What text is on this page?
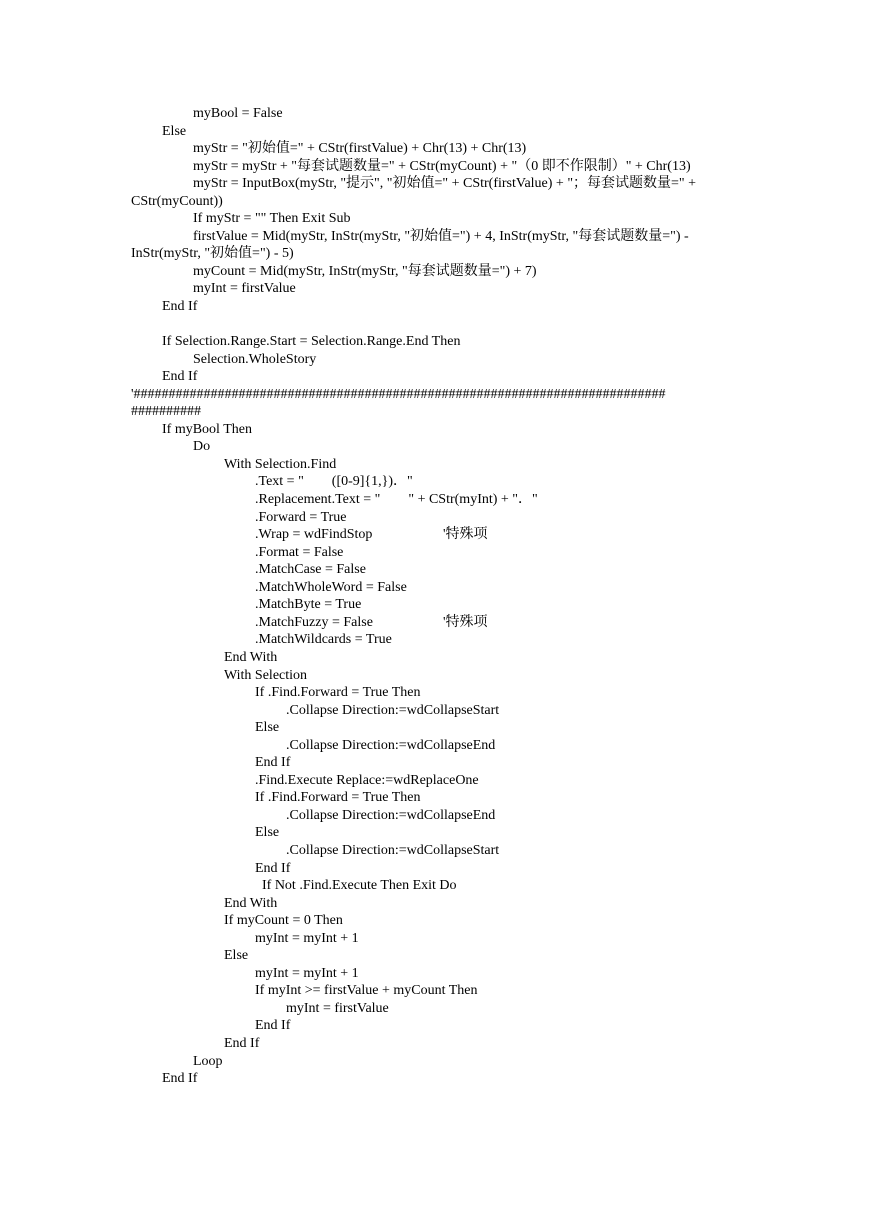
myBool = False
Else
myStr = "初始值=" + CStr(firstValue) + Chr(13) + Chr(13)
myStr = myStr + "每套试题数量=" + CStr(myCount) + "（0 即不作限制）" + Chr(13)
myStr = InputBox(myStr, "提示", "初始值=" + CStr(firstValue) + "；每套试题数量=" +
CStr(myCount))
If myStr = "" Then Exit Sub
firstValue = Mid(myStr, InStr(myStr, "初始值=") + 4, InStr(myStr, "每套试题数量=") -
InStr(myStr, "初始值=") - 5)
myCount = Mid(myStr, InStr(myStr, "每套试题数量=") + 7)
myInt = firstValue
End If
If Selection.Range.Start = Selection.Range.End Then
Selection.WholeStory
End If
'############################################################################
##########
If myBool Then
Do
With Selection.Find
.Text = "　　([0-9]{1,})．"
.Replacement.Text = "　　" + CStr(myInt) + "．"
.Forward = True
.Wrap = wdFindStop	'特殊项
.Format = False
.MatchCase = False
.MatchWholeWord = False
.MatchByte = True
.MatchFuzzy = False	'特殊项
.MatchWildcards = True
End With
With Selection
If .Find.Forward = True Then
.Collapse Direction:=wdCollapseStart
Else
.Collapse Direction:=wdCollapseEnd
End If
.Find.Execute Replace:=wdReplaceOne
If .Find.Forward = True Then
.Collapse Direction:=wdCollapseEnd
Else
.Collapse Direction:=wdCollapseStart
End If
If Not .Find.Execute Then Exit Do
End With
If myCount = 0 Then
myInt = myInt + 1
Else
myInt = myInt + 1
If myInt >= firstValue + myCount Then
myInt = firstValue
End If
End If
Loop
End If
